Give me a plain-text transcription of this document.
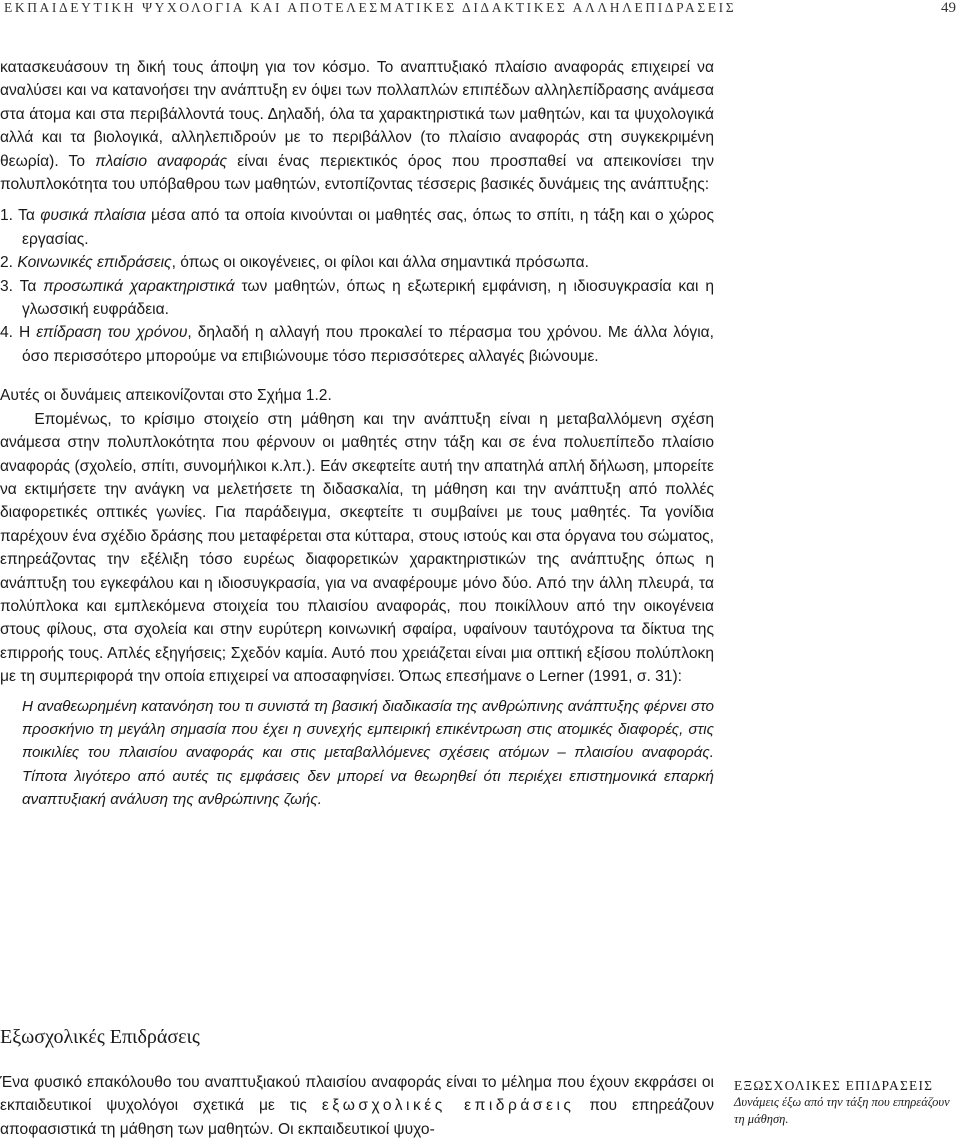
ΕΚΠΑΙΔΕΥΤΙΚΗ ΨΥΧΟΛΟΓΙΑ ΚΑΙ ΑΠΟΤΕΛΕΣΜΑΤΙΚΕΣ ΔΙΔΑΚΤΙΚΕΣ ΑΛΛΗΛΕΠΙΔΡΑΣΕΙΣ	49

κατασκευάσουν τη δική τους άποψη για τον κόσμο. Το αναπτυξιακό πλαίσιο αναφοράς επιχειρεί να αναλύσει και να κατανοήσει την ανάπτυξη εν όψει των πολλαπλών επιπέδων αλληλεπίδρασης ανάμεσα στα άτομα και στα περιβάλλοντά τους. Δηλαδή, όλα τα χαρακτηριστικά των μαθητών, και τα ψυχολογικά αλλά και τα βιολογικά, αλληλεπιδρούν με το περιβάλλον (το πλαίσιο αναφοράς στη συγκεκριμένη θεωρία). Το πλαίσιο αναφοράς είναι ένας περιεκτικός όρος που προσπαθεί να απεικονίσει την πολυπλοκότητα του υπόβαθρου των μαθητών, εντοπίζοντας τέσσερις βασικές δυνάμεις της ανάπτυξης:

1. Τα φυσικά πλαίσια μέσα από τα οποία κινούνται οι μαθητές σας, όπως το σπίτι, η τάξη και ο χώρος εργασίας.
2. Κοινωνικές επιδράσεις, όπως οι οικογένειες, οι φίλοι και άλλα σημαντικά πρόσωπα.
3. Τα προσωπικά χαρακτηριστικά των μαθητών, όπως η εξωτερική εμφάνιση, η ιδιοσυγκρασία και η γλωσσική ευφράδεια.
4. Η επίδραση του χρόνου, δηλαδή η αλλαγή που προκαλεί το πέρασμα του χρόνου. Με άλλα λόγια, όσο περισσότερο μπορούμε να επιβιώνουμε τόσο περισσότερες αλλαγές βιώνουμε.

Αυτές οι δυνάμεις απεικονίζονται στο Σχήμα 1.2.

Επομένως, το κρίσιμο στοιχείο στη μάθηση και την ανάπτυξη είναι η μεταβαλλόμενη σχέση ανάμεσα στην πολυπλοκότητα που φέρνουν οι μαθητές στην τάξη και σε ένα πολυεπίπεδο πλαίσιο αναφοράς (σχολείο, σπίτι, συνομήλικοι κ.λπ.). Εάν σκεφτείτε αυτή την απατηλά απλή δήλωση, μπορείτε να εκτιμήσετε την ανάγκη να μελετήσετε τη διδασκαλία, τη μάθηση και την ανάπτυξη από πολλές διαφορετικές οπτικές γωνίες. Για παράδειγμα, σκεφτείτε τι συμβαίνει με τους μαθητές. Τα γονίδια παρέχουν ένα σχέδιο δράσης που μεταφέρεται στα κύτταρα, στους ιστούς και στα όργανα του σώματος, επηρεάζοντας την εξέλιξη τόσο ευρέως διαφορετικών χαρακτηριστικών της ανάπτυξης όπως η ανάπτυξη του εγκεφάλου και η ιδιοσυγκρασία, για να αναφέρουμε μόνο δύο. Από την άλλη πλευρά, τα πολύπλοκα και εμπλεκόμενα στοιχεία του πλαισίου αναφοράς, που ποικίλλουν από την οικογένεια στους φίλους, στα σχολεία και στην ευρύτερη κοινωνική σφαίρα, υφαίνουν ταυτόχρονα τα δίκτυα της επιρροής τους. Απλές εξηγήσεις; Σχεδόν καμία. Αυτό που χρειάζεται είναι μια οπτική εξίσου πολύπλοκη με τη συμπεριφορά την οποία επιχειρεί να αποσαφηνίσει. Όπως επεσήμανε ο Lerner (1991, σ. 31):

Η αναθεωρημένη κατανόηση του τι συνιστά τη βασική διαδικασία της ανθρώπινης ανάπτυξης φέρνει στο προσκήνιο τη μεγάλη σημασία που έχει η συνεχής εμπειρική επικέντρωση στις ατομικές διαφορές, στις ποικιλίες του πλαισίου αναφοράς και στις μεταβαλλόμενες σχέσεις ατόμων – πλαισίου αναφοράς. Τίποτα λιγότερο από αυτές τις εμφάσεις δεν μπορεί να θεωρηθεί ότι περιέχει επιστημονικά επαρκή αναπτυξιακή ανάλυση της ανθρώπινης ζωής.
Εξωσχολικές Επιδράσεις

Ένα φυσικό επακόλουθο του αναπτυξιακού πλαισίου αναφοράς είναι το μέλημα που έχουν εκφράσει οι εκπαιδευτικοί ψυχολόγοι σχετικά με τις εξωσχολικές επιδράσεις που επηρεάζουν αποφασιστικά τη μάθηση των μαθητών. Οι εκπαιδευτικοί ψυχο-

ΕΞΩΣΧΟΛΙΚΕΣ ΕΠΙΔΡΑΣΕΙΣ
Δυνάμεις έξω από την τάξη που επηρεάζουν τη μάθηση.
